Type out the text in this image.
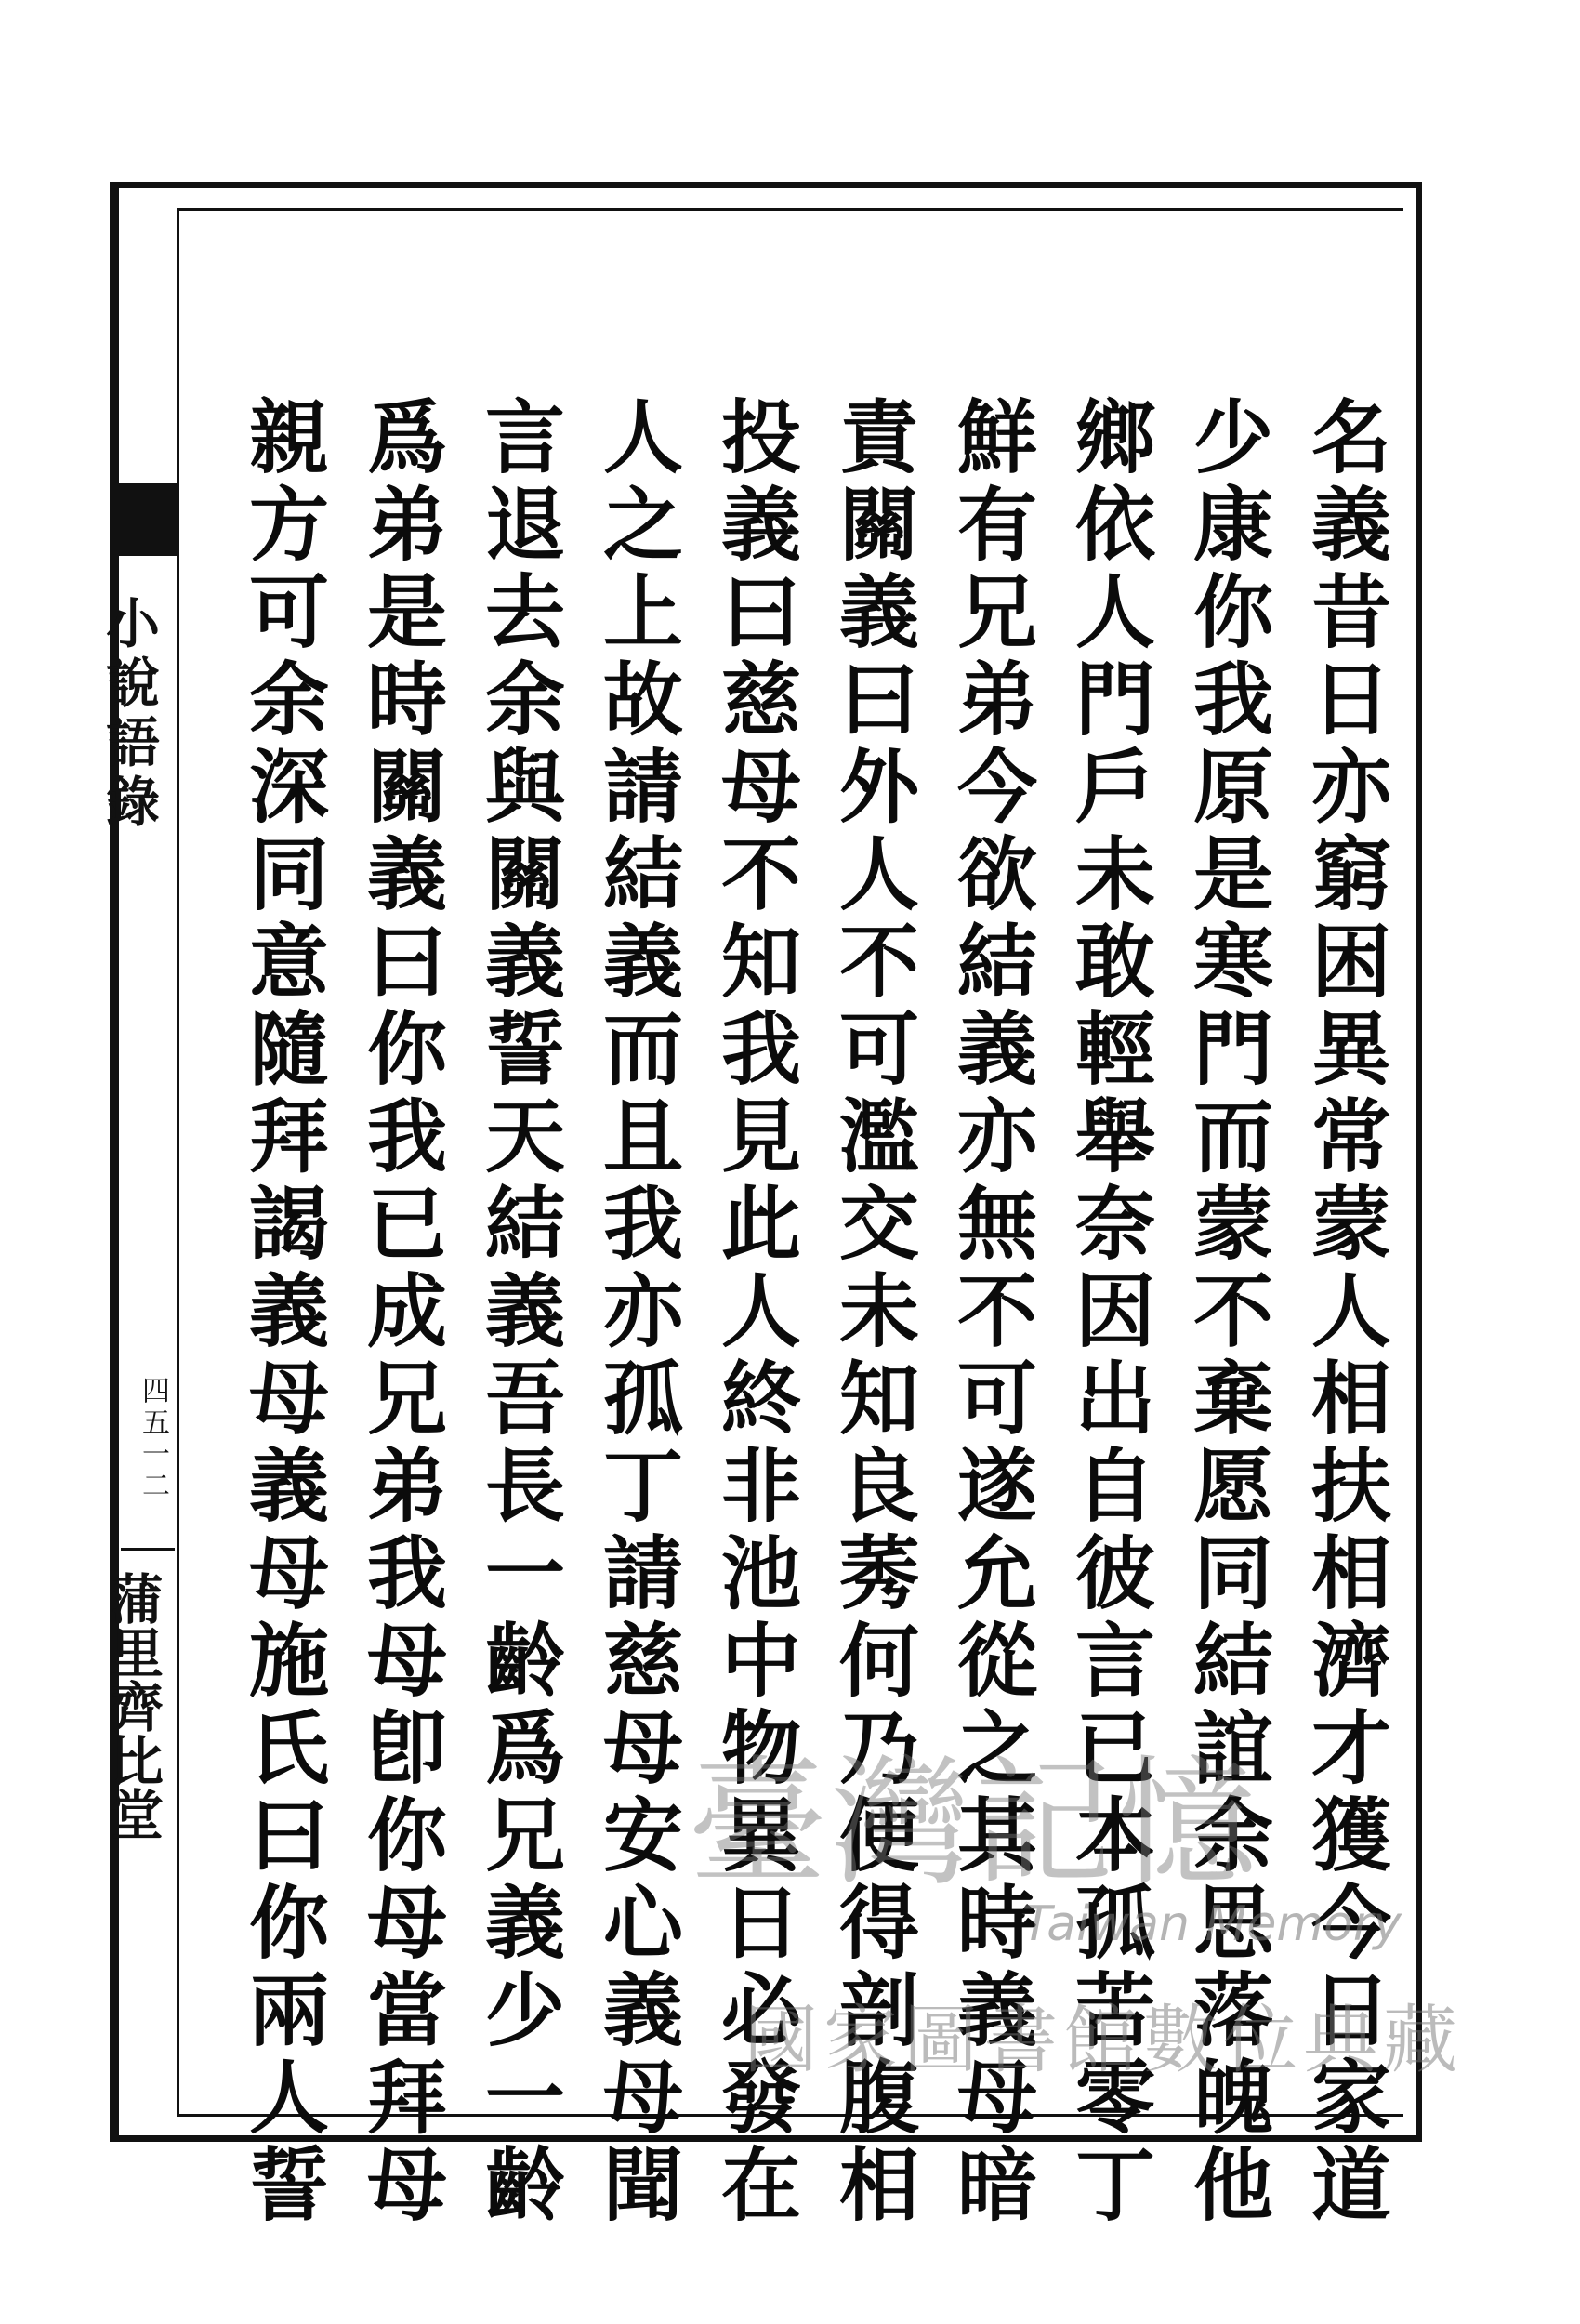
小說語錄
四五一二
蒲里齊比堂	名義昔日亦窮困異常蒙人相扶相濟才獲今日家道
少康你我原是寒門而蒙不棄愿同結誼余思落魄他
鄉依人門戶未敢輕舉奈因出自彼言已本孤苦零丁
鮮有兄弟今欲結義亦無不可遂允從之其時義母暗
責關義曰外人不可濫交未知良莠何乃便得剖腹相
投義曰慈母不知我見此人終非池中物異日必發在
人之上故請結義而且我亦孤丁請慈母安心義母聞
言退去余與關義誓天結義吾長一齡爲兄義少一齡
爲弟是時關義曰你我已成兄弟我母卽你母當拜母
親方可余深同意隨拜謁義母義母施氏曰你兩人誓	臺灣記憶
Taiwan Memory
國家圖書館數位典藏
